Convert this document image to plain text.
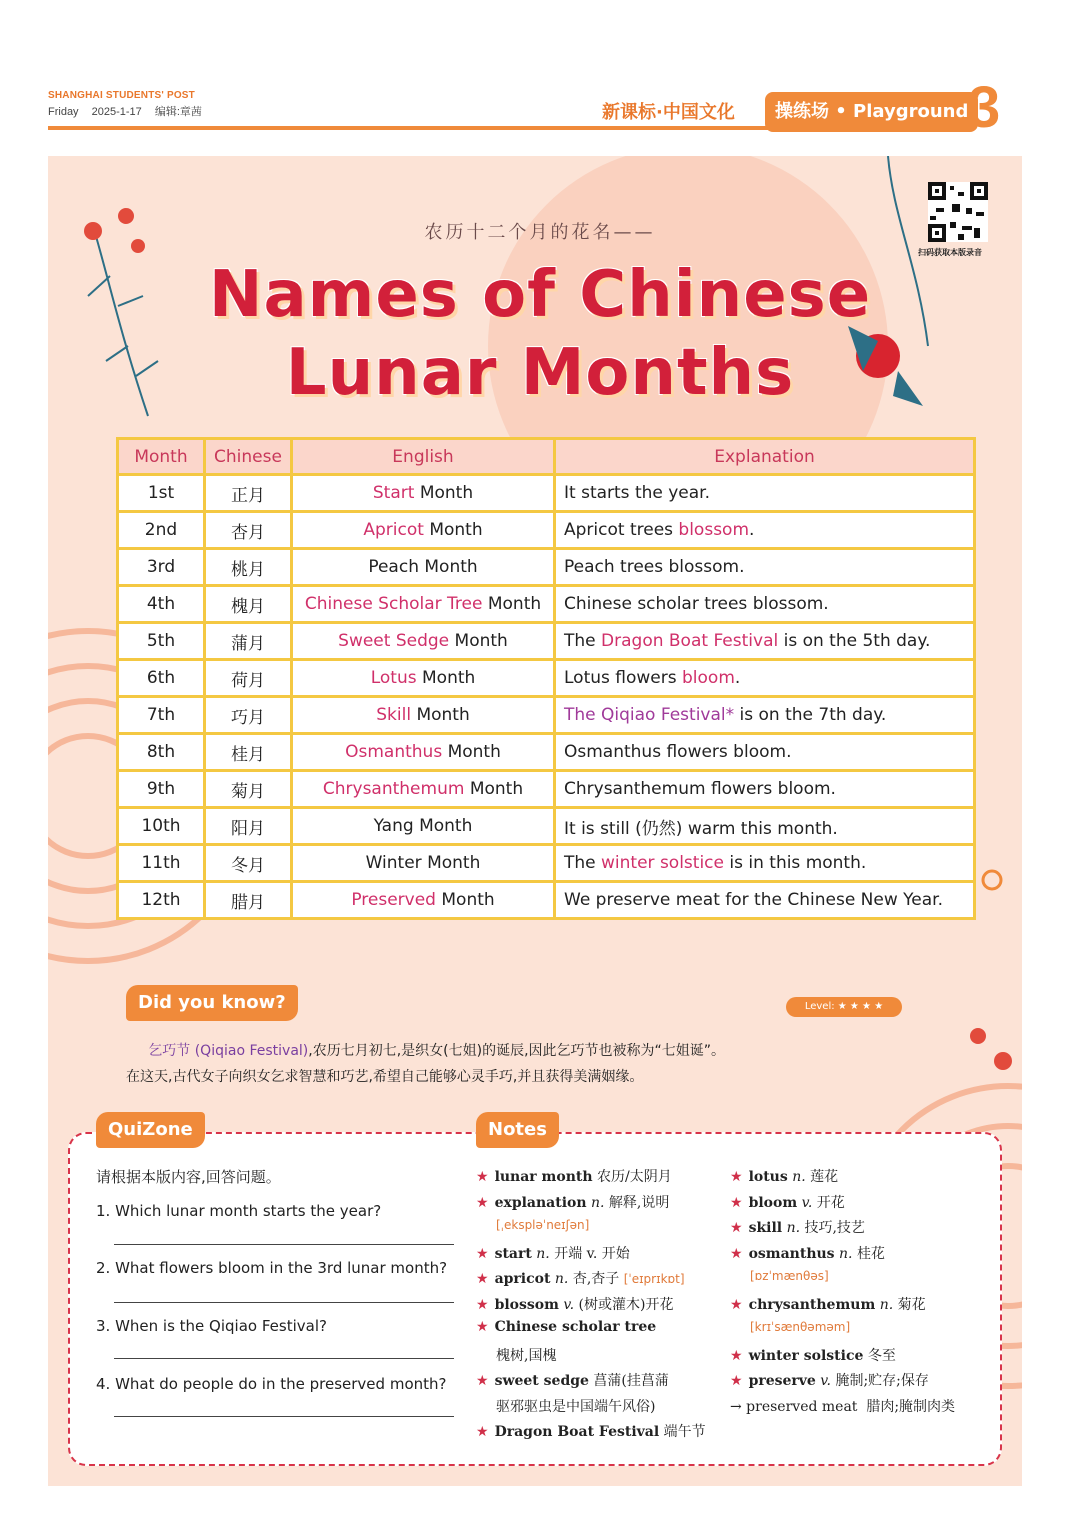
SHANGHAI STUDENTS' POST
Friday 2025-1-17 编辑:章茜	新课标·中国文化	操练场 • Playground 3
扫码获取本版录音
农历十二个月的花名——
Names of Chinese
Lunar Months
Month	Chinese	English	Explanation
1st	正月	Start Month	It starts the year.
2nd	杏月	Apricot Month	Apricot trees blossom.
3rd	桃月	Peach Month	Peach trees blossom.
4th	槐月	Chinese Scholar Tree Month	Chinese scholar trees blossom.
5th	蒲月	Sweet Sedge Month	The Dragon Boat Festival is on the 5th day.
6th	荷月	Lotus Month	Lotus flowers bloom.
7th	巧月	Skill Month	The Qiqiao Festival* is on the 7th day.
8th	桂月	Osmanthus Month	Osmanthus flowers bloom.
9th	菊月	Chrysanthemum Month	Chrysanthemum flowers bloom.
10th	阳月	Yang Month	It is still (仍然) warm this month.
11th	冬月	Winter Month	The winter solstice is in this month.
12th	腊月	Preserved Month	We preserve meat for the Chinese New Year.
Did you know?	Level: ★ ★ ★ ★
乞巧节 (Qiqiao Festival),农历七月初七,是织女(七姐)的诞辰,因此乞巧节也被称为“七姐诞”。
在这天,古代女子向织女乞求智慧和巧艺,希望自己能够心灵手巧,并且获得美满姻缘。
QuiZone	Notes
请根据本版内容,回答问题。
1. Which lunar month starts the year?
2. What flowers bloom in the 3rd lunar month?
3. When is the Qiqiao Festival?
4. What do people do in the preserved month?
★ lunar month 农历/太阴月
★ explanation n. 解释,说明
[ˌekspləˈneɪʃən]
★ start n. 开端 v. 开始
★ apricot n. 杏,杏子 [ˈeɪprɪkɒt]
★ blossom v. (树或灌木)开花
★ Chinese scholar tree
槐树,国槐
★ sweet sedge 菖蒲(挂菖蒲
驱邪驱虫是中国端午风俗)
★ Dragon Boat Festival 端午节
★ lotus n. 莲花
★ bloom v. 开花
★ skill n. 技巧,技艺
★ osmanthus n. 桂花
[ɒzˈmænθəs]
★ chrysanthemum n. 菊花
[krɪˈsænθəməm]
★ winter solstice 冬至
★ preserve v. 腌制;贮存;保存
→ preserved meat 腊肉;腌制肉类
